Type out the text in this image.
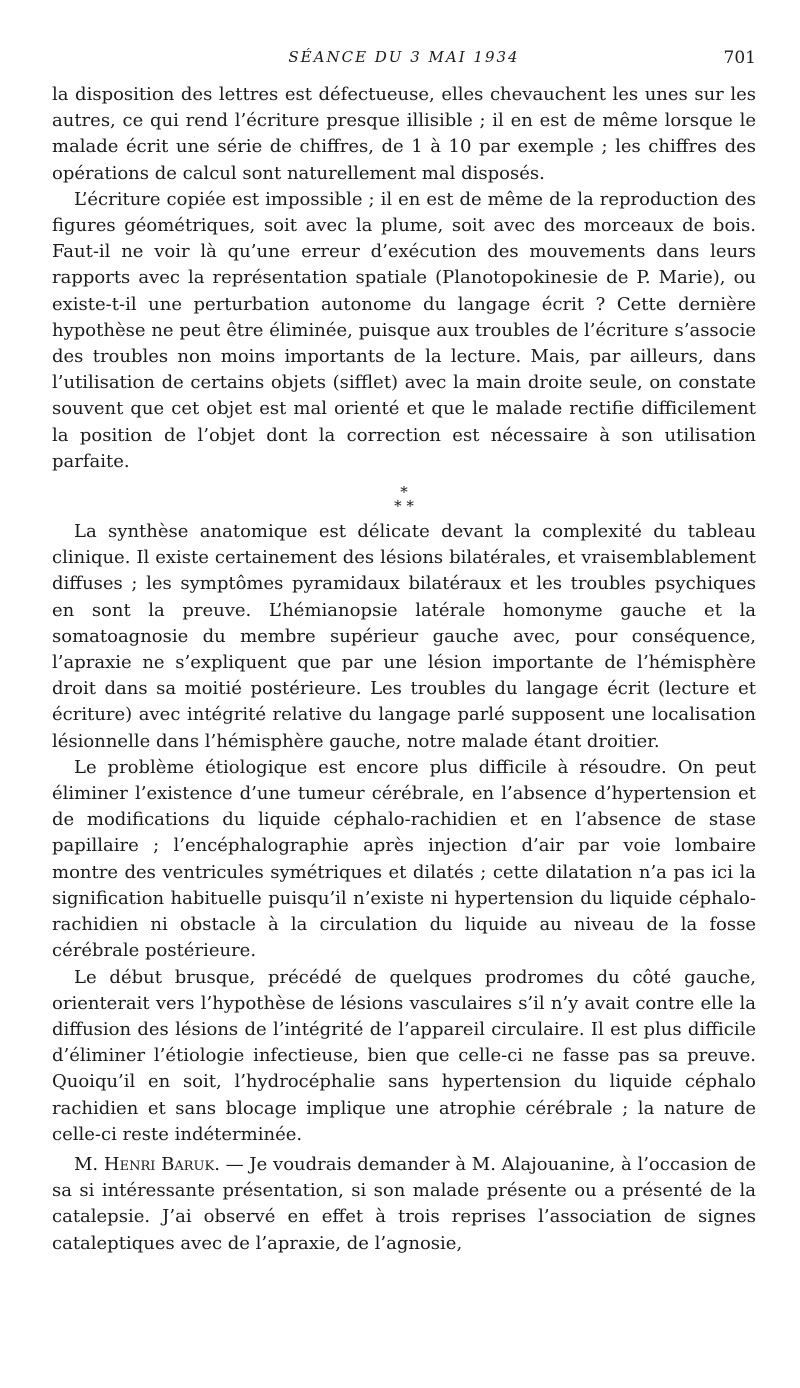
SÉANCE DU 3 MAI 1934	701

la disposition des lettres est défectueuse, elles chevauchent les unes sur les autres, ce qui rend l’écriture presque illisible ; il en est de même lorsque le malade écrit une série de chiffres, de 1 à 10 par exemple ; les chiffres des opérations de calcul sont naturellement mal disposés.

L’écriture copiée est impossible ; il en est de même de la reproduction des figures géométriques, soit avec la plume, soit avec des morceaux de bois. Faut-il ne voir là qu’une erreur d’exécution des mouvements dans leurs rapports avec la représentation spatiale (Planotopokinesie de P. Marie), ou existe-t-il une perturbation autonome du langage écrit ? Cette dernière hypothèse ne peut être éliminée, puisque aux troubles de l’écriture s’associe des troubles non moins importants de la lecture. Mais, par ailleurs, dans l’utilisation de certains objets (sifflet) avec la main droite seule, on constate souvent que cet objet est mal orienté et que le malade rectifie difficilement la position de l’objet dont la correction est nécessaire à son utilisation parfaite.

*
* *

La synthèse anatomique est délicate devant la complexité du tableau clinique. Il existe certainement des lésions bilatérales, et vraisemblablement diffuses ; les symptômes pyramidaux bilatéraux et les troubles psychiques en sont la preuve. L’hémianopsie latérale homonyme gauche et la somatoagnosie du membre supérieur gauche avec, pour conséquence, l’apraxie ne s’expliquent que par une lésion importante de l’hémisphère droit dans sa moitié postérieure. Les troubles du langage écrit (lecture et écriture) avec intégrité relative du langage parlé supposent une localisation lésionnelle dans l’hémisphère gauche, notre malade étant droitier.

Le problème étiologique est encore plus difficile à résoudre. On peut éliminer l’existence d’une tumeur cérébrale, en l’absence d’hypertension et de modifications du liquide céphalo-rachidien et en l’absence de stase papillaire ; l’encéphalographie après injection d’air par voie lombaire montre des ventricules symétriques et dilatés ; cette dilatation n’a pas ici la signification habituelle puisqu’il n’existe ni hypertension du liquide céphalo-rachidien ni obstacle à la circulation du liquide au niveau de la fosse cérébrale postérieure.

Le début brusque, précédé de quelques prodromes du côté gauche, orienterait vers l’hypothèse de lésions vasculaires s’il n’y avait contre elle la diffusion des lésions de l’intégrité de l’appareil circulaire. Il est plus difficile d’éliminer l’étiologie infectieuse, bien que celle-ci ne fasse pas sa preuve. Quoiqu’il en soit, l’hydrocéphalie sans hypertension du liquide céphalo rachidien et sans blocage implique une atrophie cérébrale ; la nature de celle-ci reste indéterminée.

M. Henri Baruk. — Je voudrais demander à M. Alajouanine, à l’occasion de sa si intéressante présentation, si son malade présente ou a présenté de la catalepsie. J’ai observé en effet à trois reprises l’association de signes cataleptiques avec de l’apraxie, de l’agnosie,
